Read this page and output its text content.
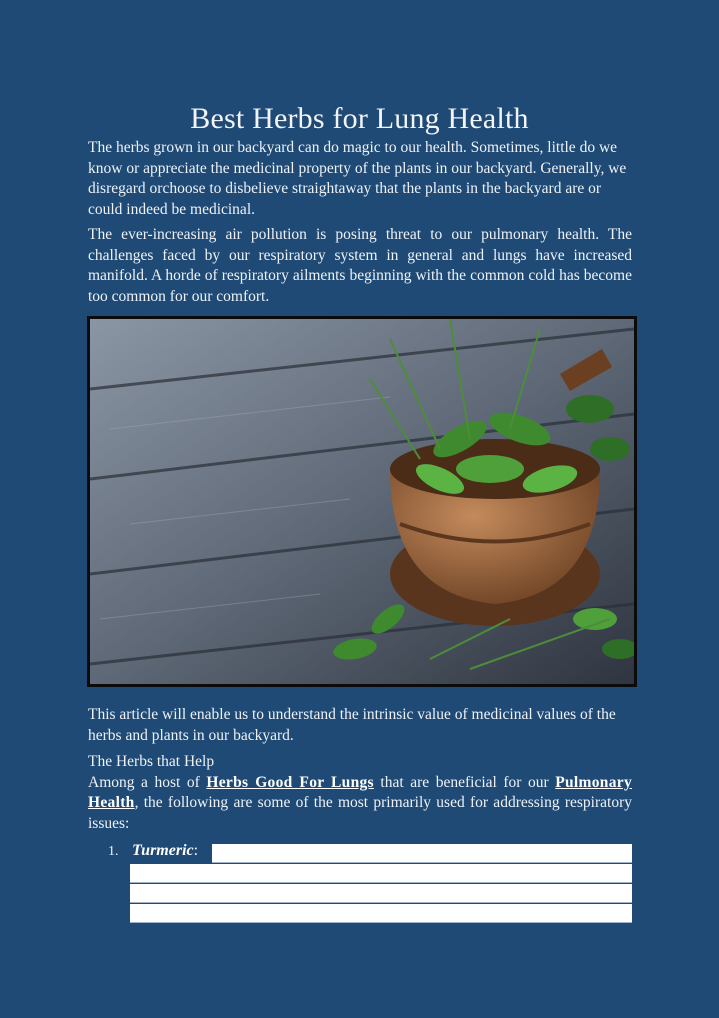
Best Herbs for Lung Health
The herbs grown in our backyard can do magic to our health. Sometimes, little do we know or appreciate the medicinal property of the plants in our backyard. Generally, we disregard orchoose to disbelieve straightaway that the plants in the backyard are or could indeed be medicinal.
The ever-increasing air pollution is posing threat to our pulmonary health. The challenges faced by our respiratory system in general and lungs have increased manifold. A horde of respiratory ailments beginning with the common cold has become too common for our comfort.
This article will enable us to understand the intrinsic value of medicinal values of the herbs and plants in our backyard.
The Herbs that Help
Among a host of Herbs Good For Lungs that are beneficial for our Pulmonary Health, the following are some of the most primarily used for addressing respiratory issues:
1. Turmeric:
